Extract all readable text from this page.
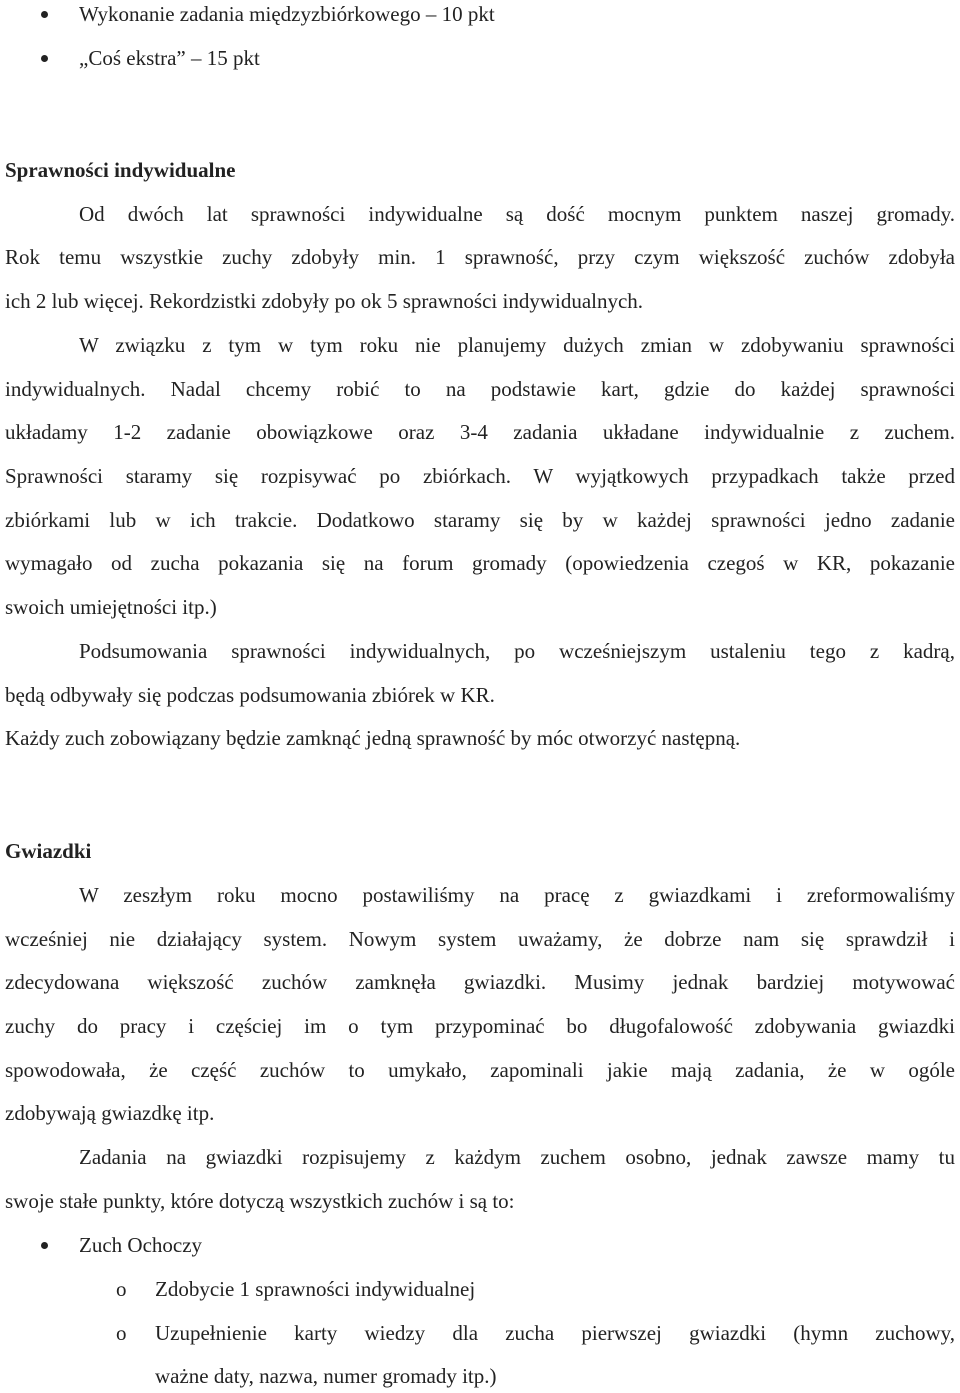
Wykonanie zadania międzyzbiórkowego – 10 pkt
„Coś ekstra” – 15 pkt
Sprawności indywidualne
Od dwóch lat sprawności indywidualne są dość mocnym punktem naszej gromady.
Rok temu wszystkie zuchy zdobyły min. 1 sprawność, przy czym większość zuchów zdobyła
ich 2 lub więcej. Rekordzistki zdobyły po ok 5 sprawności indywidualnych.
W związku z tym w tym roku nie planujemy dużych zmian w zdobywaniu sprawności
indywidualnych. Nadal chcemy robić to na podstawie kart, gdzie do każdej sprawności
układamy 1-2 zadanie obowiązkowe oraz 3-4 zadania układane indywidualnie z zuchem.
Sprawności staramy się rozpisywać po zbiórkach. W wyjątkowych przypadkach także przed
zbiórkami lub w ich trakcie. Dodatkowo staramy się by w każdej sprawności jedno zadanie
wymagało od zucha pokazania się na forum gromady (opowiedzenia czegoś w KR, pokazanie
swoich umiejętności itp.)
Podsumowania sprawności indywidualnych, po wcześniejszym ustaleniu tego z kadrą,
będą odbywały się podczas podsumowania zbiórek w KR.
Każdy zuch zobowiązany będzie zamknąć jedną sprawność by móc otworzyć następną.
Gwiazdki
W zeszłym roku mocno postawiliśmy na pracę z gwiazdkami i zreformowaliśmy
wcześniej nie działający system. Nowym system uważamy, że dobrze nam się sprawdził i
zdecydowana większość zuchów zamknęła gwiazdki. Musimy jednak bardziej motywować
zuchy do pracy i częściej im o tym przypominać bo długofalowość zdobywania gwiazdki
spowodowała, że część zuchów to umykało, zapominali jakie mają zadania, że w ogóle
zdobywają gwiazdkę itp.
Zadania na gwiazdki rozpisujemy z każdym zuchem osobno, jednak zawsze mamy tu
swoje stałe punkty, które dotyczą wszystkich zuchów i są to:
Zuch Ochoczy
o Zdobycie 1 sprawności indywidualnej
o Uzupełnienie karty wiedzy dla zucha pierwszej gwiazdki (hymn zuchowy,
ważne daty, nazwa, numer gromady itp.)
